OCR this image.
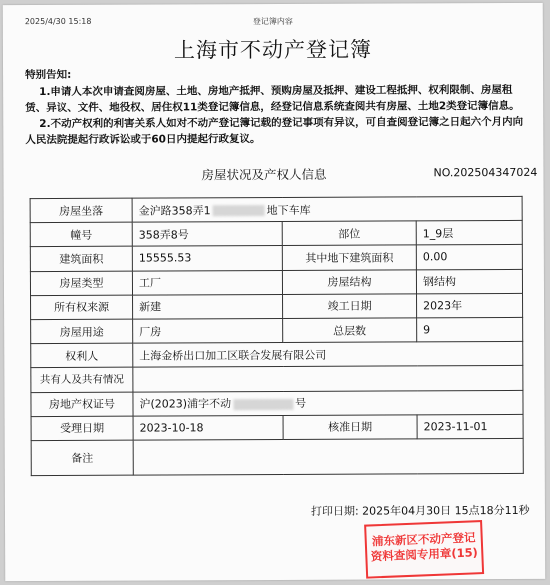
2025/4/30 15:18	登记簿内容
上海市不动产登记簿
特别告知:

1.申请人本次申请查阅房屋、土地、房地产抵押、预购房屋及抵押、建设工程抵押、权利限制、房屋租赁、异议、文件、地役权、居住权11类登记簿信息，经登记信息系统查阅共有房屋、土地2类登记簿信息。

2.不动产权利的利害关系人如对不动产登记簿记载的登记事项有异议，可自查阅登记簿之日起六个月内向人民法院提起行政诉讼或于60日内提起行政复议。

房屋状况及产权人信息	NO.202504347024
房屋坐落	金沪路358弄1 地下车库		
幢号	358弄8号	部位	1_9层
建筑面积	15555.53	其中地下建筑面积	0.00
房屋类型	工厂	房屋结构	钢结构
所有权来源	新建	竣工日期	2023年
房屋用途	厂房	总层数	9
权利人	上海金桥出口加工区联合发展有限公司		
共有人及共有情况			
房地产权证号	沪(2023)浦字不动 号		
受理日期	2023-10-18	核准日期	2023-11-01
备注			
打印日期: 2025年04月30日 15点18分11秒
浦东新区不动产登记
资料查阅专用章(15)
